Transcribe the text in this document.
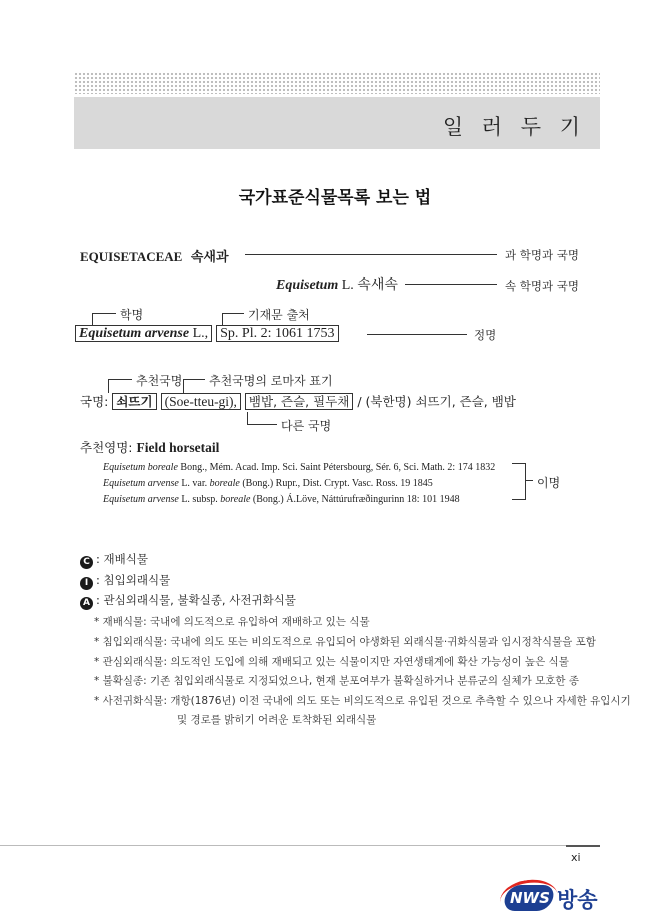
일 러 두 기
국가표준식물목록 보는 법
EQUISETACEAE 속새과	과 학명과 국명
Equisetum L. 속새속	속 학명과 국명
학명	기재문 출처
Equisetum arvense L., Sp. Pl. 2: 1061 1753	정명
추천국명 추천국명의 로마자 표기
국명: 쇠뜨기 (Soe-tteu-gi), 뱀밥, 즌슬, 필두채 / (북한명) 쇠뜨기, 즌슬, 뱀밥
다른 국명
추천영명: Field horsetail
Equisetum boreale Bong., Mém. Acad. Imp. Sci. Saint Pétersbourg, Sér. 6, Sci. Math. 2: 174 1832
Equisetum arvense L. var. boreale (Bong.) Rupr., Dist. Crypt. Vasc. Ross. 19 1845
Equisetum arvense L. subsp. boreale (Bong.) Á.Löve, Náttúrufræðingurinn 18: 101 1948
이명
C : 재배식물
I : 침입외래식물
A : 관심외래식물, 불확실종, 사전귀화식물
* 재배식물: 국내에 의도적으로 유입하여 재배하고 있는 식물
* 침입외래식물: 국내에 의도 또는 비의도적으로 유입되어 야생화된 외래식물·귀화식물과 임시정착식물을 포함
* 관심외래식물: 의도적인 도입에 의해 재배되고 있는 식물이지만 자연생태계에 확산 가능성이 높은 식물
* 불확실종: 기존 침입외래식물로 지정되었으나, 현재 분포여부가 불확실하거나 분류군의 실체가 모호한 종
* 사전귀화식물: 개항(1876년) 이전 국내에 의도 또는 비의도적으로 유입된 것으로 추측할 수 있으나 자세한 유입시기
및 경로를 밝히기 어려운 토착화된 외래식물
xi
NWS 방송
